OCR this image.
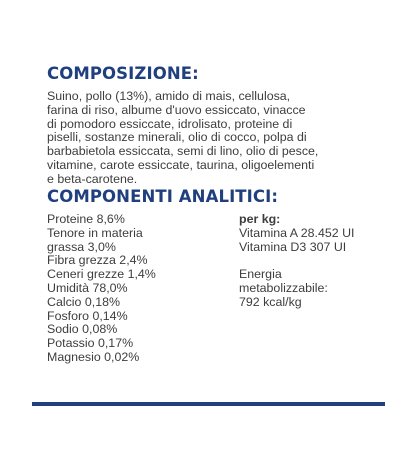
COMPOSIZIONE:
Suino, pollo (13%), amido di mais, cellulosa,
farina di riso, albume d'uovo essiccato, vinacce
di pomodoro essiccate, idrolisato, proteine di
piselli, sostanze minerali, olio di cocco, polpa di
barbabietola essiccata, semi di lino, olio di pesce,
vitamine, carote essiccate, taurina, oligoelementi
e beta-carotene.
COMPONENTI ANALITICI:
Proteine 8,6%
Tenore in materia
grassa 3,0%
Fibra grezza 2,4%
Ceneri grezze 1,4%
Umidità 78,0%
Calcio 0,18%
Fosforo 0,14%
Sodio 0,08%
Potassio 0,17%
Magnesio 0,02%
per kg:
Vitamina A 28.452 UI
Vitamina D3 307 UI
Energia
metabolizzabile:
792 kcal/kg
